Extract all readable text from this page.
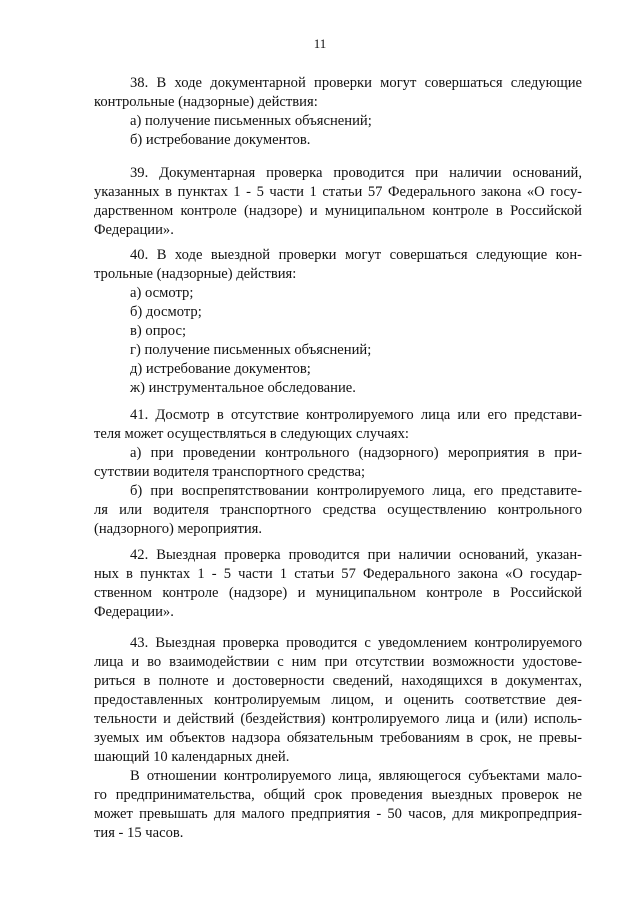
11
38. В ходе документарной проверки могут совершаться следующие
контрольные (надзорные) действия:
а) получение письменных объяснений;
б) истребование документов.
39. Документарная проверка проводится при наличии оснований,
указанных в пунктах 1 - 5 части 1 статьи 57 Федерального закона «О госу-
дарственном контроле (надзоре) и муниципальном контроле в Российской
Федерации».
40. В ходе выездной проверки могут совершаться следующие кон-
трольные (надзорные) действия:
а) осмотр;
б) досмотр;
в) опрос;
г) получение письменных объяснений;
д) истребование документов;
ж) инструментальное обследование.
41. Досмотр в отсутствие контролируемого лица или его представи-
теля может осуществляться в следующих случаях:
а) при проведении контрольного (надзорного) мероприятия в при-
сутствии водителя транспортного средства;
б) при воспрепятствовании контролируемого лица, его представите-
ля или водителя транспортного средства осуществлению контрольного
(надзорного) мероприятия.
42. Выездная проверка проводится при наличии оснований, указан-
ных в пунктах 1 - 5 части 1 статьи 57 Федерального закона «О государ-
ственном контроле (надзоре) и муниципальном контроле в Российской
Федерации».
43. Выездная проверка проводится с уведомлением контролируемого
лица и во взаимодействии с ним при отсутствии возможности удостове-
риться в полноте и достоверности сведений, находящихся в документах,
предоставленных контролируемым лицом, и оценить соответствие дея-
тельности и действий (бездействия) контролируемого лица и (или) исполь-
зуемых им объектов надзора обязательным требованиям в срок, не превы-
шающий 10 календарных дней.
В отношении контролируемого лица, являющегося субъектами мало-
го предпринимательства, общий срок проведения выездных проверок не
может превышать для малого предприятия - 50 часов, для микропредприя-
тия - 15 часов.
